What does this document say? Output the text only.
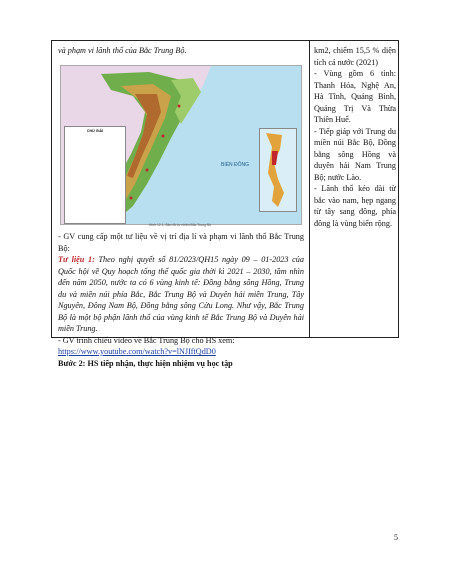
và phạm vi lãnh thổ của Bắc Trung Bộ.

BIỂN ĐÔNG
CHÚ GIẢI
Hình 12.1. Bản đồ tự nhiên Bắc Trung Bộ

- GV cung cấp một tư liệu về vị trí địa lí và phạm vi lãnh thổ Bắc Trung Bộ:

Tư liệu 1: Theo nghị quyết số 81/2023/QH15 ngày 09 – 01-2023 của Quốc hội về Quy hoạch tổng thể quốc gia thời kì 2021 – 2030, tầm nhìn đến năm 2050, nước ta có 6 vùng kinh tế: Đồng bằng sông Hồng, Trung du và miền núi phía Bắc, Bắc Trung Bộ và Duyên hải miền Trung, Tây Nguyên, Đông Nam Bộ, Đồng bằng sông Cửu Long. Như vậy, Bắc Trung Bộ là một bộ phận lãnh thổ của vùng kinh tế Bắc Trung Bộ và Duyên hải miền Trung.

- GV trình chiếu video về Bắc Trung Bộ cho HS xem:

https://www.youtube.com/watch?v=lNJIftQdD0

Bước 2: HS tiếp nhận, thực hiện nhiệm vụ học tập

km2, chiếm 15,5 % diện tích cả nước (2021)

- Vùng gồm 6 tỉnh: Thanh Hóa, Nghệ An, Hà Tĩnh, Quảng Bình, Quảng Trị Và Thừa Thiên Huế.

- Tiếp giáp với Trung du miền núi Bắc Bộ, Đồng bằng sông Hồng và duyên hải Nam Trung Bộ; nước Lào.

- Lãnh thổ kéo dài từ bắc vào nam, hẹp ngang từ tây sang đông, phía đông là vùng biển rộng.

5
